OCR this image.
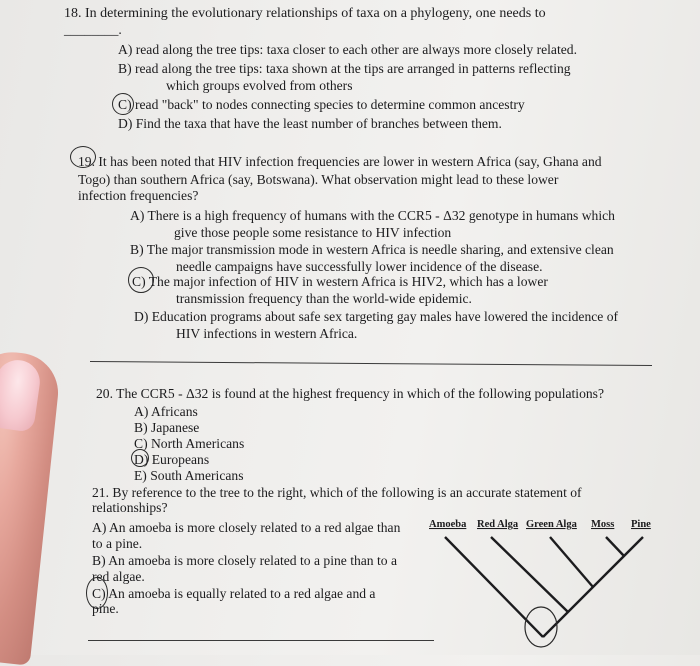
18. In determining the evolutionary relationships of taxa on a phylogeny, one needs to
________.
A) read along the tree tips: taxa closer to each other are always more closely related.
B) read along the tree tips: taxa shown at the tips are arranged in patterns reflecting
which groups evolved from others
C) read "back" to nodes connecting species to determine common ancestry
D) Find the taxa that have the least number of branches between them.
19. It has been noted that HIV infection frequencies are lower in western Africa (say, Ghana and
Togo) than southern Africa (say, Botswana). What observation might lead to these lower
infection frequencies?
A) There is a high frequency of humans with the CCR5 - Δ32 genotype in humans which
give those people some resistance to HIV infection
B) The major transmission mode in western Africa is needle sharing, and extensive clean
needle campaigns have successfully lower incidence of the disease.
C) The major infection of HIV in western Africa is HIV2, which has a lower
transmission frequency than the world-wide epidemic.
D) Education programs about safe sex targeting gay males have lowered the incidence of
HIV infections in western Africa.
20. The CCR5 - Δ32 is found at the highest frequency in which of the following populations?
A) Africans
B) Japanese
C) North Americans
D) Europeans
E) South Americans
21. By reference to the tree to the right, which of the following is an accurate statement of
relationships?
A) An amoeba is more closely related to a red algae than
to a pine.
B) An amoeba is more closely related to a pine than to a
red algae.
C) An amoeba is equally related to a red algae and a
pine.
Amoeba Red Alga Green Alga Moss Pine
